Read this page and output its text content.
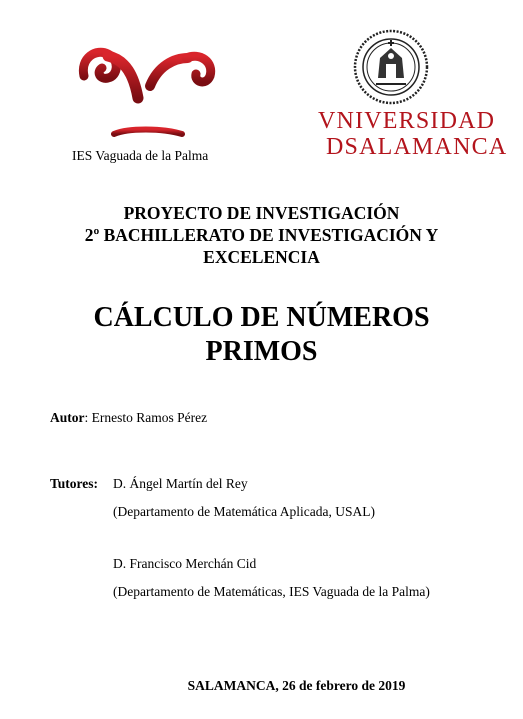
IES Vaguada de la Palma
VNIVERSIDAD
DSALAMANCA
PROYECTO DE INVESTIGACIÓN
2º BACHILLERATO DE INVESTIGACIÓN Y
EXCELENCIA
CÁLCULO DE NÚMEROS
PRIMOS
Autor: Ernesto Ramos Pérez
Tutores: D. Ángel Martín del Rey
(Departamento de Matemática Aplicada, USAL)
D. Francisco Merchán Cid
(Departamento de Matemáticas, IES Vaguada de la Palma)
SALAMANCA, 26 de febrero de 2019
